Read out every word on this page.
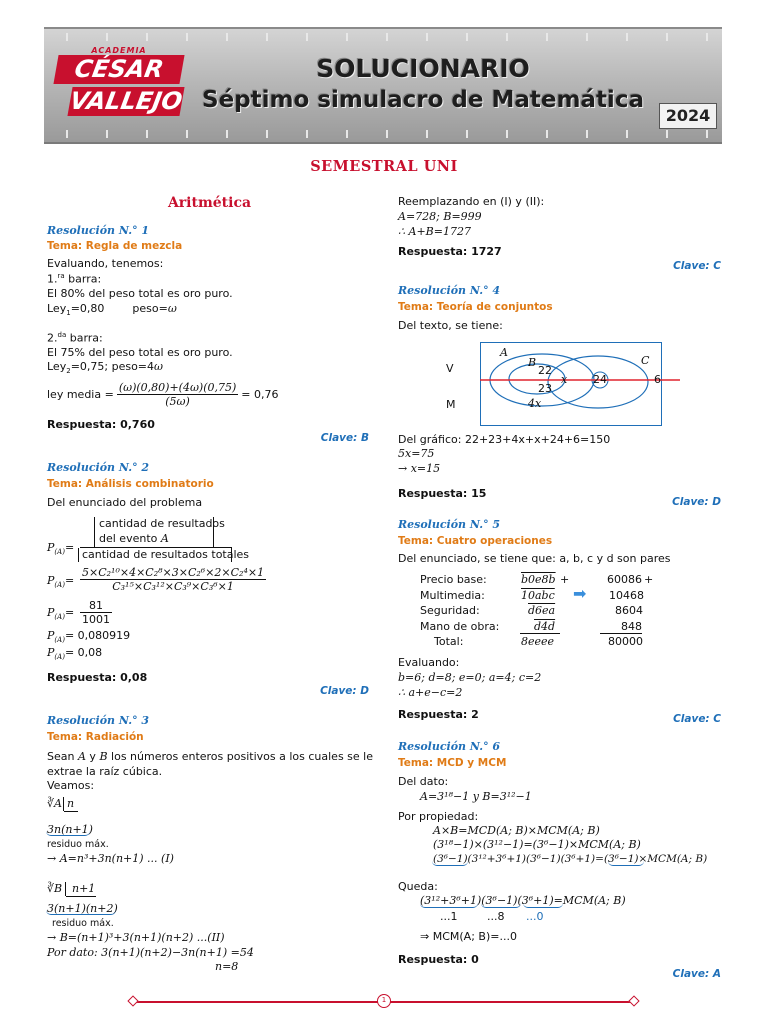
ACADEMIA
CÉSAR
VALLEJO
SOLUCIONARIO
Séptimo simulacro de Matemática
2024
SEMESTRAL UNI
Aritmética
Resolución N.° 1
Tema: Regla de mezcla
Evaluando, tenemos:
1.$^{ra}$ barra:
El 80% del peso total es oro puro.
Ley$_1$=0,80	peso=ω
2.$^{da}$ barra:
El 75% del peso total es oro puro.
Ley$_2$=0,75; peso=4ω
ley media = $\frac{(\omega)(0,80)+(4\omega)(0,75)}{(5\omega)} = 0,76$
Respuesta: 0,760
Clave: B
Resolución N.° 2
Tema: Análisis combinatorio
Del enunciado del problema
$P_{(A)}=$
cantidad de resultados
del evento A
cantidad de resultados totales
$P_{(A)}= \frac{\text{5×C₂¹⁰×4×C₂⁸×3×C₂⁶×2×C₂⁴×1}}{\text{C₃¹⁵×C₃¹²×C₃⁹×C₃⁶×1}}$
$P_{(A)}= \frac{81}{1001}$
$P_{(A)}= 0,080919$
$P_{(A)}= 0,08$
Respuesta: 0,08
Clave: D
Resolución N.° 3
Tema: Radiación
Sean A y B los números enteros positivos a los cuales se le
extrae la raíz cúbica.
Veamos:
∛A n
3n(n+1)
residuo máx.
→ A=n³+3n(n+1) ... (I)
∛B n+1
3(n+1)(n+2)
residuo máx.
→ B=(n+1)³+3(n+1)(n+2) ...(II)
Por dato: 3(n+1)(n+2)−3n(n+1) =54
n=8
Reemplazando en (I) y (II):
A=728; B=999
∴ A+B=1727
Respuesta: 1727
Clave: C
Resolución N.° 4
Tema: Teoría de conjuntos
Del texto, se tiene:
V
M
A
B	C
22
23
x 24
4x
6
Del gráfico: 22+23+4x+x+24+6=150
5x=75
→ x=15
Respuesta: 15
Clave: D
Resolución N.° 5
Tema: Cuatro operaciones
Del enunciado, se tiene que: a, b, c y d son pares
Precio base:	b0e8b +	60086 +
Multimedia:	10abc	10468
Seguridad:	d6ea	8604
Mano de obra:	d4d	848
Total:	8eeee	80000
➡
Evaluando:
b=6; d=8; e=0; a=4; c=2
∴ a+e−c=2
Respuesta: 2	Clave: C
Resolución N.° 6
Tema: MCD y MCM
Del dato:
A=3¹⁸−1 y B=3¹²−1
Por propiedad:
A×B=MCD(A; B)×MCM(A; B)
(3¹⁸−1)×(3¹²−1)=(3⁶−1)×MCM(A; B)
(3⁶−1)(3¹²+3⁶+1)(3⁶−1)(3⁶+1)=(3⁶−1)×MCM(A; B)
Queda:
(3¹²+3⁶+1)(3⁶−1)(3⁶+1)=MCM(A; B)
...1	...8 ...0
⇒ MCM(A; B)=...0
Respuesta: 0
Clave: A
1
